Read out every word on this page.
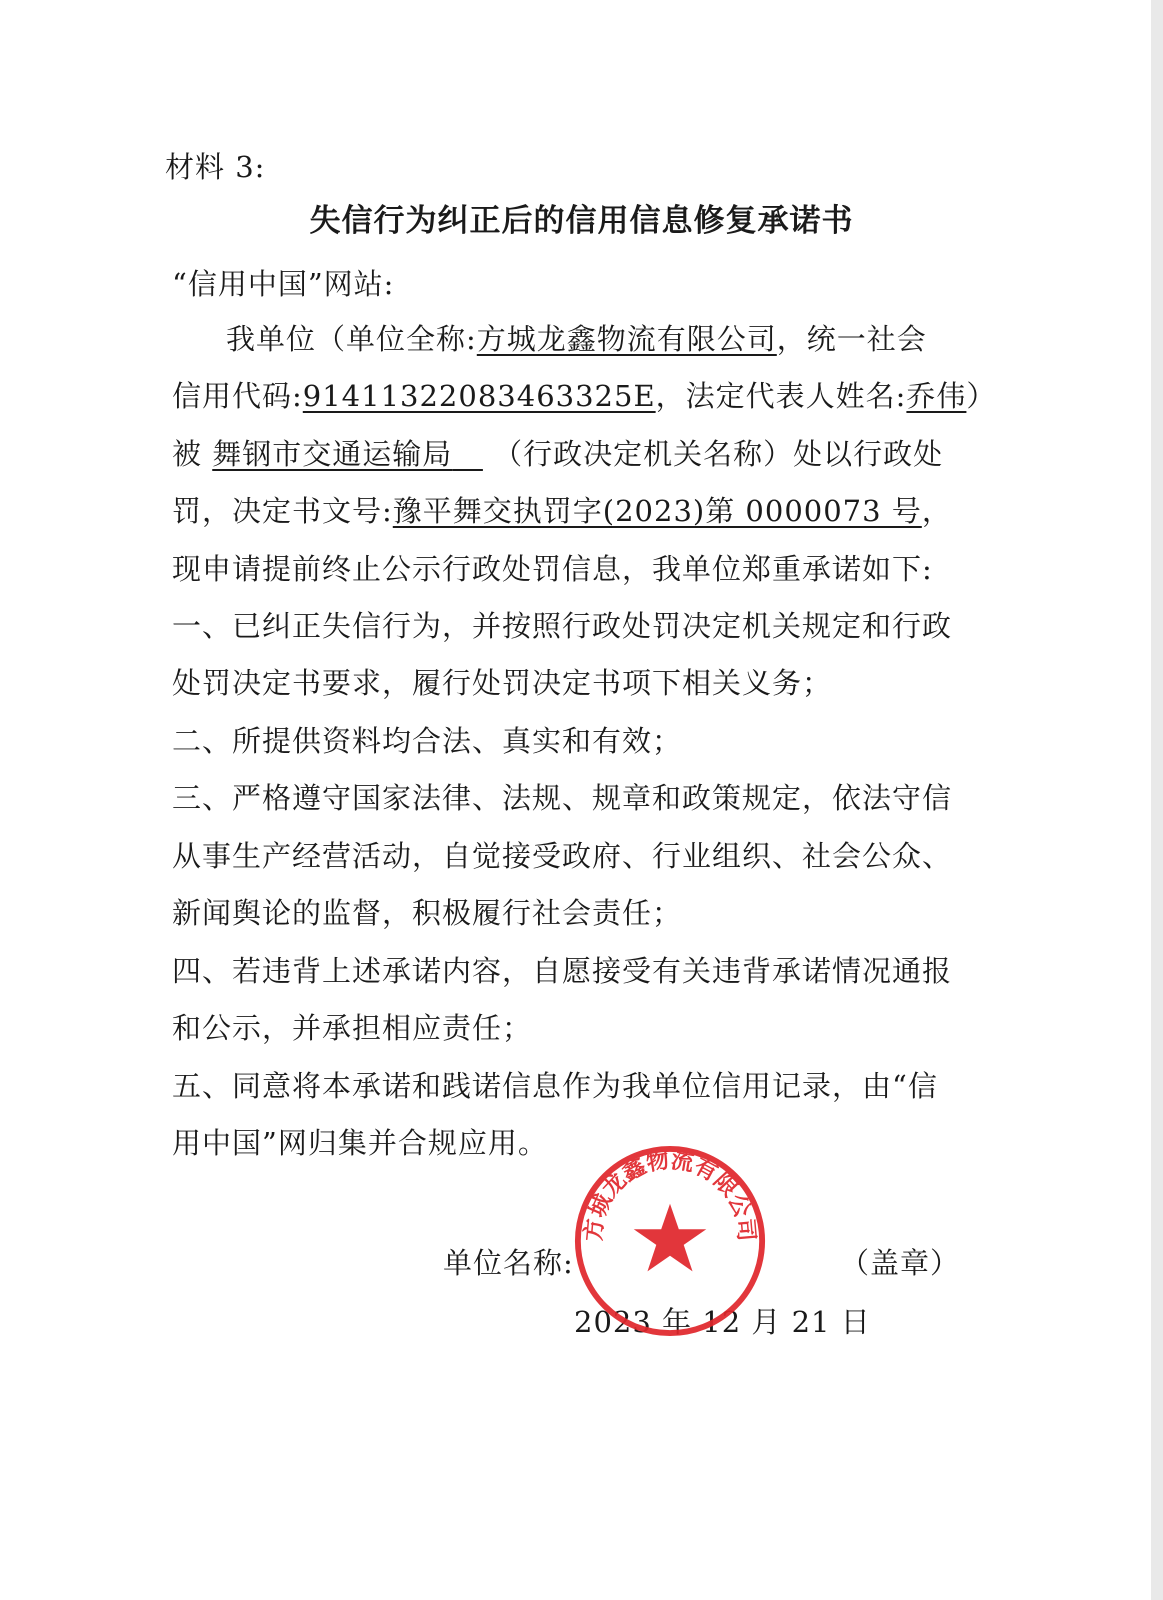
材料 3:
失信行为纠正后的信用信息修复承诺书
“信用中国”网站:
我单位（单位全称:方城龙鑫物流有限公司，统一社会
信用代码:91411322083463325E，法定代表人姓名:乔伟）
被 舞钢市交通运输局 （行政决定机关名称）处以行政处
罚，决定书文号:豫平舞交执罚字(2023)第 0000073 号，
现申请提前终止公示行政处罚信息，我单位郑重承诺如下:
一、已纠正失信行为，并按照行政处罚决定机关规定和行政
处罚决定书要求，履行处罚决定书项下相关义务；
二、所提供资料均合法、真实和有效；
三、严格遵守国家法律、法规、规章和政策规定，依法守信
从事生产经营活动，自觉接受政府、行业组织、社会公众、
新闻舆论的监督，积极履行社会责任；
四、若违背上述承诺内容，自愿接受有关违背承诺情况通报
和公示，并承担相应责任；
五、同意将本承诺和践诺信息作为我单位信用记录，由“信
用中国”网归集并合规应用。
单位名称:	（盖章）
2023 年 12 月 21 日
方城龙鑫物流有限公司
